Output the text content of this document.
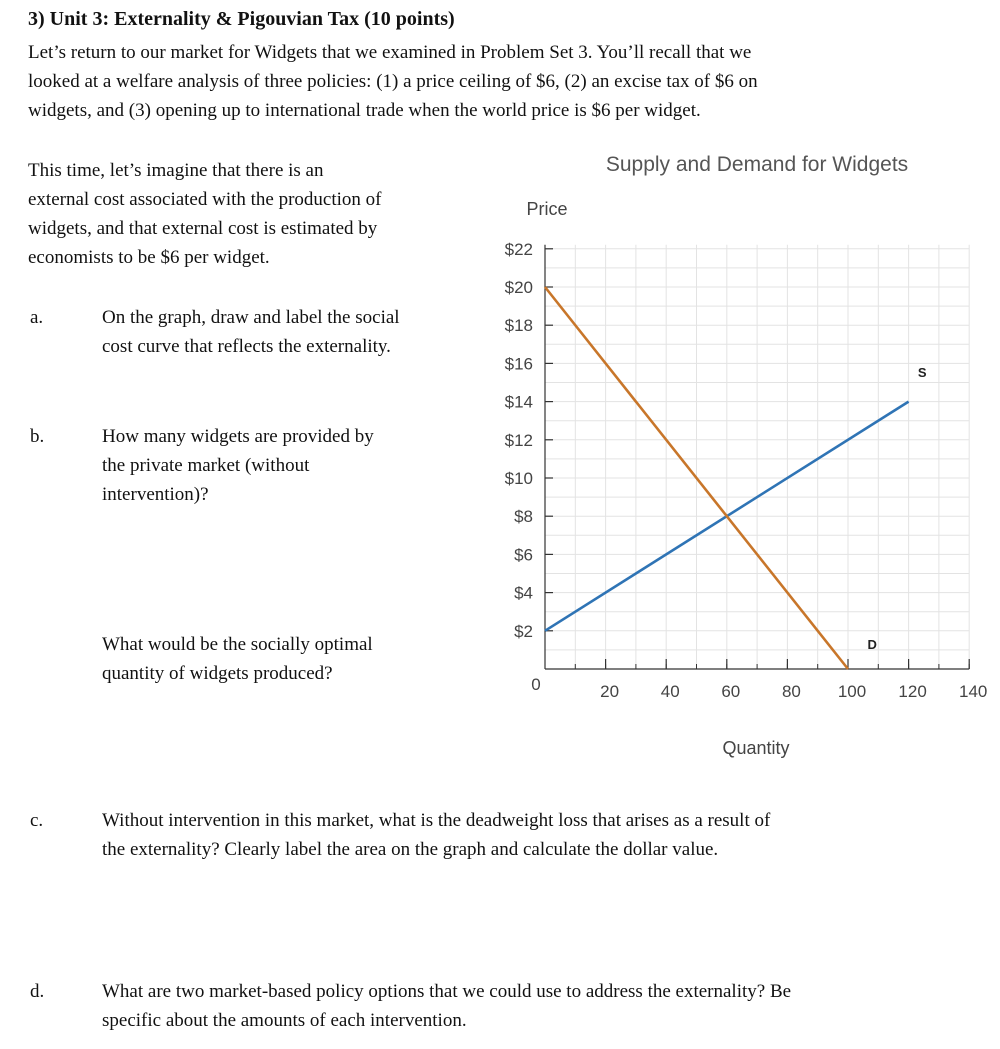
3) Unit 3: Externality & Pigouvian Tax (10 points)

Let’s return to our market for Widgets that we examined in Problem Set 3. You’ll recall that we

looked at a welfare analysis of three policies: (1) a price ceiling of $6, (2) an excise tax of $6 on

widgets, and (3) opening up to international trade when the world price is $6 per widget.

This time, let’s imagine that there is an
external cost associated with the production of
widgets, and that external cost is estimated by
economists to be $6 per widget.
a.	On the graph, draw and label the social
cost curve that reflects the externality.
b.	How many widgets are provided by
the private market (without
intervention)?
What would be the socially optimal
quantity of widgets produced?
c.	Without intervention in this market, what is the deadweight loss that arises as a result of
the externality? Clearly label the area on the graph and calculate the dollar value.
d.	What are two market-based policy options that we could use to address the externality? Be
specific about the amounts of each intervention.
$22
$20
$18
$16
$14
$12
$10
$8
$6
$4
$2
20 40 60 80 100 120 140
0
Supply and Demand for Widgets
Price
Quantity
S
D
